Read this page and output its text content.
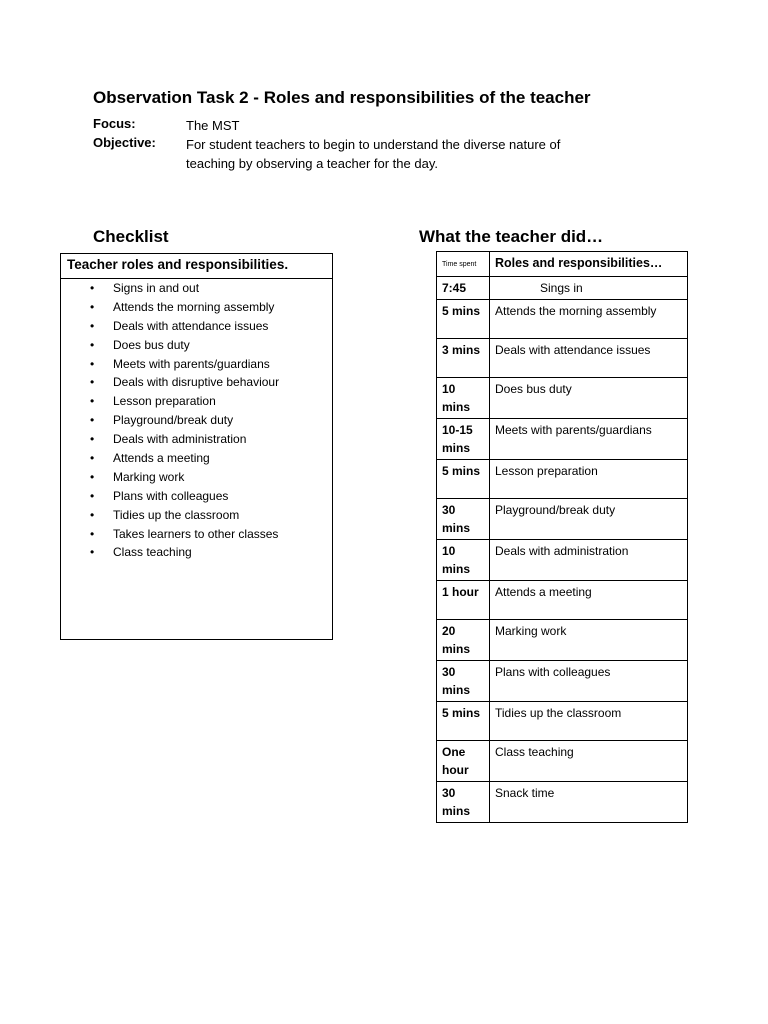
Observation Task 2 - Roles and responsibilities of the teacher
Focus:	The MST
Objective: For student teachers to begin to understand the diverse nature of
teaching by observing a teacher for the day.
Checklist
Teacher roles and responsibilities.
• Signs in and out
• Attends the morning assembly
• Deals with attendance issues
• Does bus duty
• Meets with parents/guardians
• Deals with disruptive behaviour
• Lesson preparation
• Playground/break duty
• Deals with administration
• Attends a meeting
• Marking work
• Plans with colleagues
• Tidies up the classroom
• Takes learners to other classes
• Class teaching
What the teacher did…
Time spent	Roles and responsibilities…

7:45	Sings in

5 mins	Attends the morning assembly

3 mins	Deals with attendance issues

10
mins	Does bus duty

10-15
mins	Meets with parents/guardians

5 mins	Lesson preparation

30
mins	Playground/break duty

10
mins	Deals with administration

1 hour	Attends a meeting

20
mins	Marking work

30
mins	Plans with colleagues

5 mins	Tidies up the classroom

One
hour	Class teaching

30
mins	Snack time
